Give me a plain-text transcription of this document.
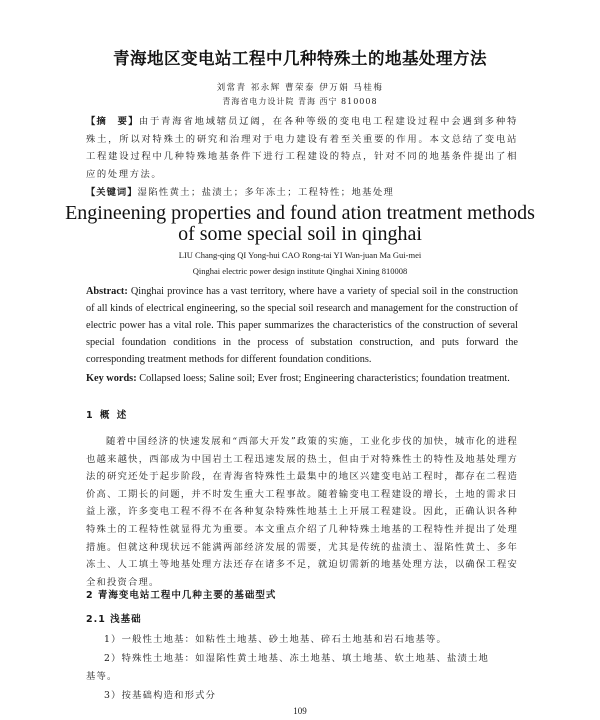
青海地区变电站工程中几种特殊土的地基处理方法
刘常青 祁永辉 曹荣泰 伊万娟 马桂梅
青海省电力设计院 青海 西宁 810008
【摘　要】由于青海省地域辖员辽阔，在各种等级的变电电工程建设过程中会遇到多种特殊土，所以对特殊土的研究和治理对于电力建设有着至关重要的作用。本文总结了变电站工程建设过程中几种特殊地基条件下进行工程建设的特点，针对不同的地基条件提出了相应的处理方法。
【关键词】湿陷性黄土；盐渍土；多年冻土；工程特性；地基处理
Engineening properties and found ation treatment methods
of some special soil in qinghai
LIU Chang-qing QI Yong-hui CAO Rong-tai YI Wan-juan Ma Gui-mei
Qinghai electric power design institute Qinghai Xining 810008
Abstract: Qinghai province has a vast territory, where have a variety of special soil in the construction of all kinds of electrical engineering, so the special soil research and management for the construction of electric power has a vital role. This paper summarizes the characteristics of the construction of several special foundation conditions in the process of substation construction, and puts forward the corresponding treatment methods for different foundation conditions.
Key words: Collapsed loess; Saline soil; Ever frost; Engineering characteristics; foundation treatment.
1 概 述
随着中国经济的快速发展和“西部大开发”政策的实施，工业化步伐的加快，城市化的进程也越来越快，西部成为中国岩土工程迅速发展的热土，但由于对特殊性土的特性及地基处理方法的研究还处于起步阶段，在青海省特殊性土最集中的地区兴建变电站工程时，都存在二程造价高、工期长的问题，并不时发生重大工程事故。随着输变电工程建设的增长，土地的需求日益上涨，许多变电工程不得不在各种复杂特殊性地基土上开展工程建设。因此，正确认识各种特殊土的工程特性就显得尤为重要。本文重点介绍了几种特殊土地基的工程特性并提出了处理措施。但就这种现状远不能满两部经济发展的需要，尤其是传统的盐渍土、湿陷性黄土、多年冻土、人工填土等地基处理方法还存在诸多不足，就迫切需新的地基处理方法，以确保工程安全和投资合理。
2 青海变电站工程中几种主要的基础型式
2.1 浅基础
1）一般性土地基：如粘性土地基、砂土地基、碎石土地基和岩石地基等。
2）特殊性土地基：如湿陷性黄土地基、冻土地基、填土地基、软土地基、盐渍土地
基等。
3）按基础构造和形式分
109
